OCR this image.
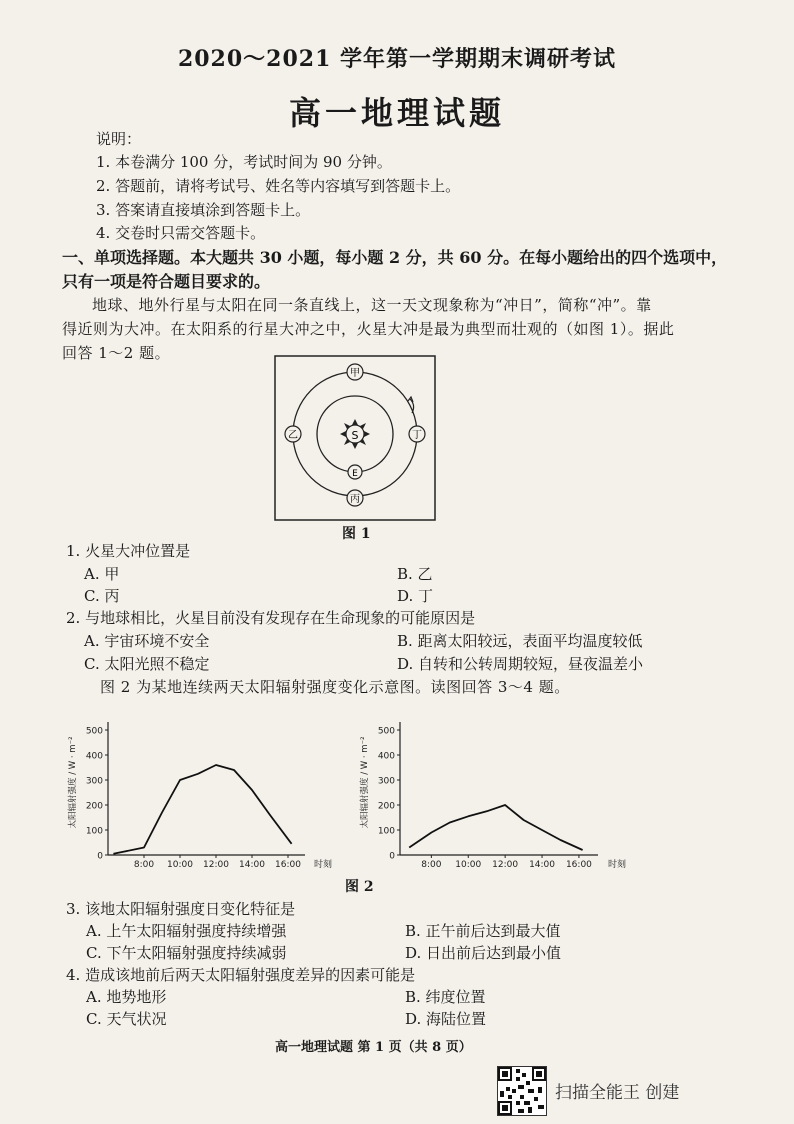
2020～2021 学年第一学期期末调研考试
高一地理试题
说明：
1. 本卷满分 100 分，考试时间为 90 分钟。
2. 答题前，请将考试号、姓名等内容填写到答题卡上。
3. 答案请直接填涂到答题卡上。
4. 交卷时只需交答题卡。
一、单项选择题。本大题共 30 小题，每小题 2 分，共 60 分。在每小题给出的四个选项中，
只有一项是符合题目要求的。
地球、地外行星与太阳在同一条直线上，这一天文现象称为“冲日”，简称“冲”。靠
得近则为大冲。在太阳系的行星大冲之中，火星大冲是最为典型而壮观的（如图 1）。据此
回答 1～2 题。
S
E
甲
乙
丙
丁
图 1
1. 火星大冲位置是
A. 甲	B. 乙
C. 丙	D. 丁
2. 与地球相比，火星目前没有发现存在生命现象的可能原因是
A. 宇宙环境不安全	B. 距离太阳较远，表面平均温度较低
C. 太阳光照不稳定	D. 自转和公转周期较短，昼夜温差小
图 2 为某地连续两天太阳辐射强度变化示意图。读图回答 3～4 题。
0
100
200
300
400
500
8:00 10:00 12:00 14:00 16:00 时刻
太阳辐射强度 / W · m⁻²
0
100
200
300
400
500
8:00 10:00 12:00 14:00 16:00 时刻
太阳辐射强度 / W · m⁻²
图 2
3. 该地太阳辐射强度日变化特征是
A. 上午太阳辐射强度持续增强	B. 正午前后达到最大值
C. 下午太阳辐射强度持续减弱	D. 日出前后达到最小值
4. 造成该地前后两天太阳辐射强度差异的因素可能是
A. 地势地形	B. 纬度位置
C. 天气状况	D. 海陆位置
高一地理试题 第 1 页（共 8 页）
扫描全能王 创建
